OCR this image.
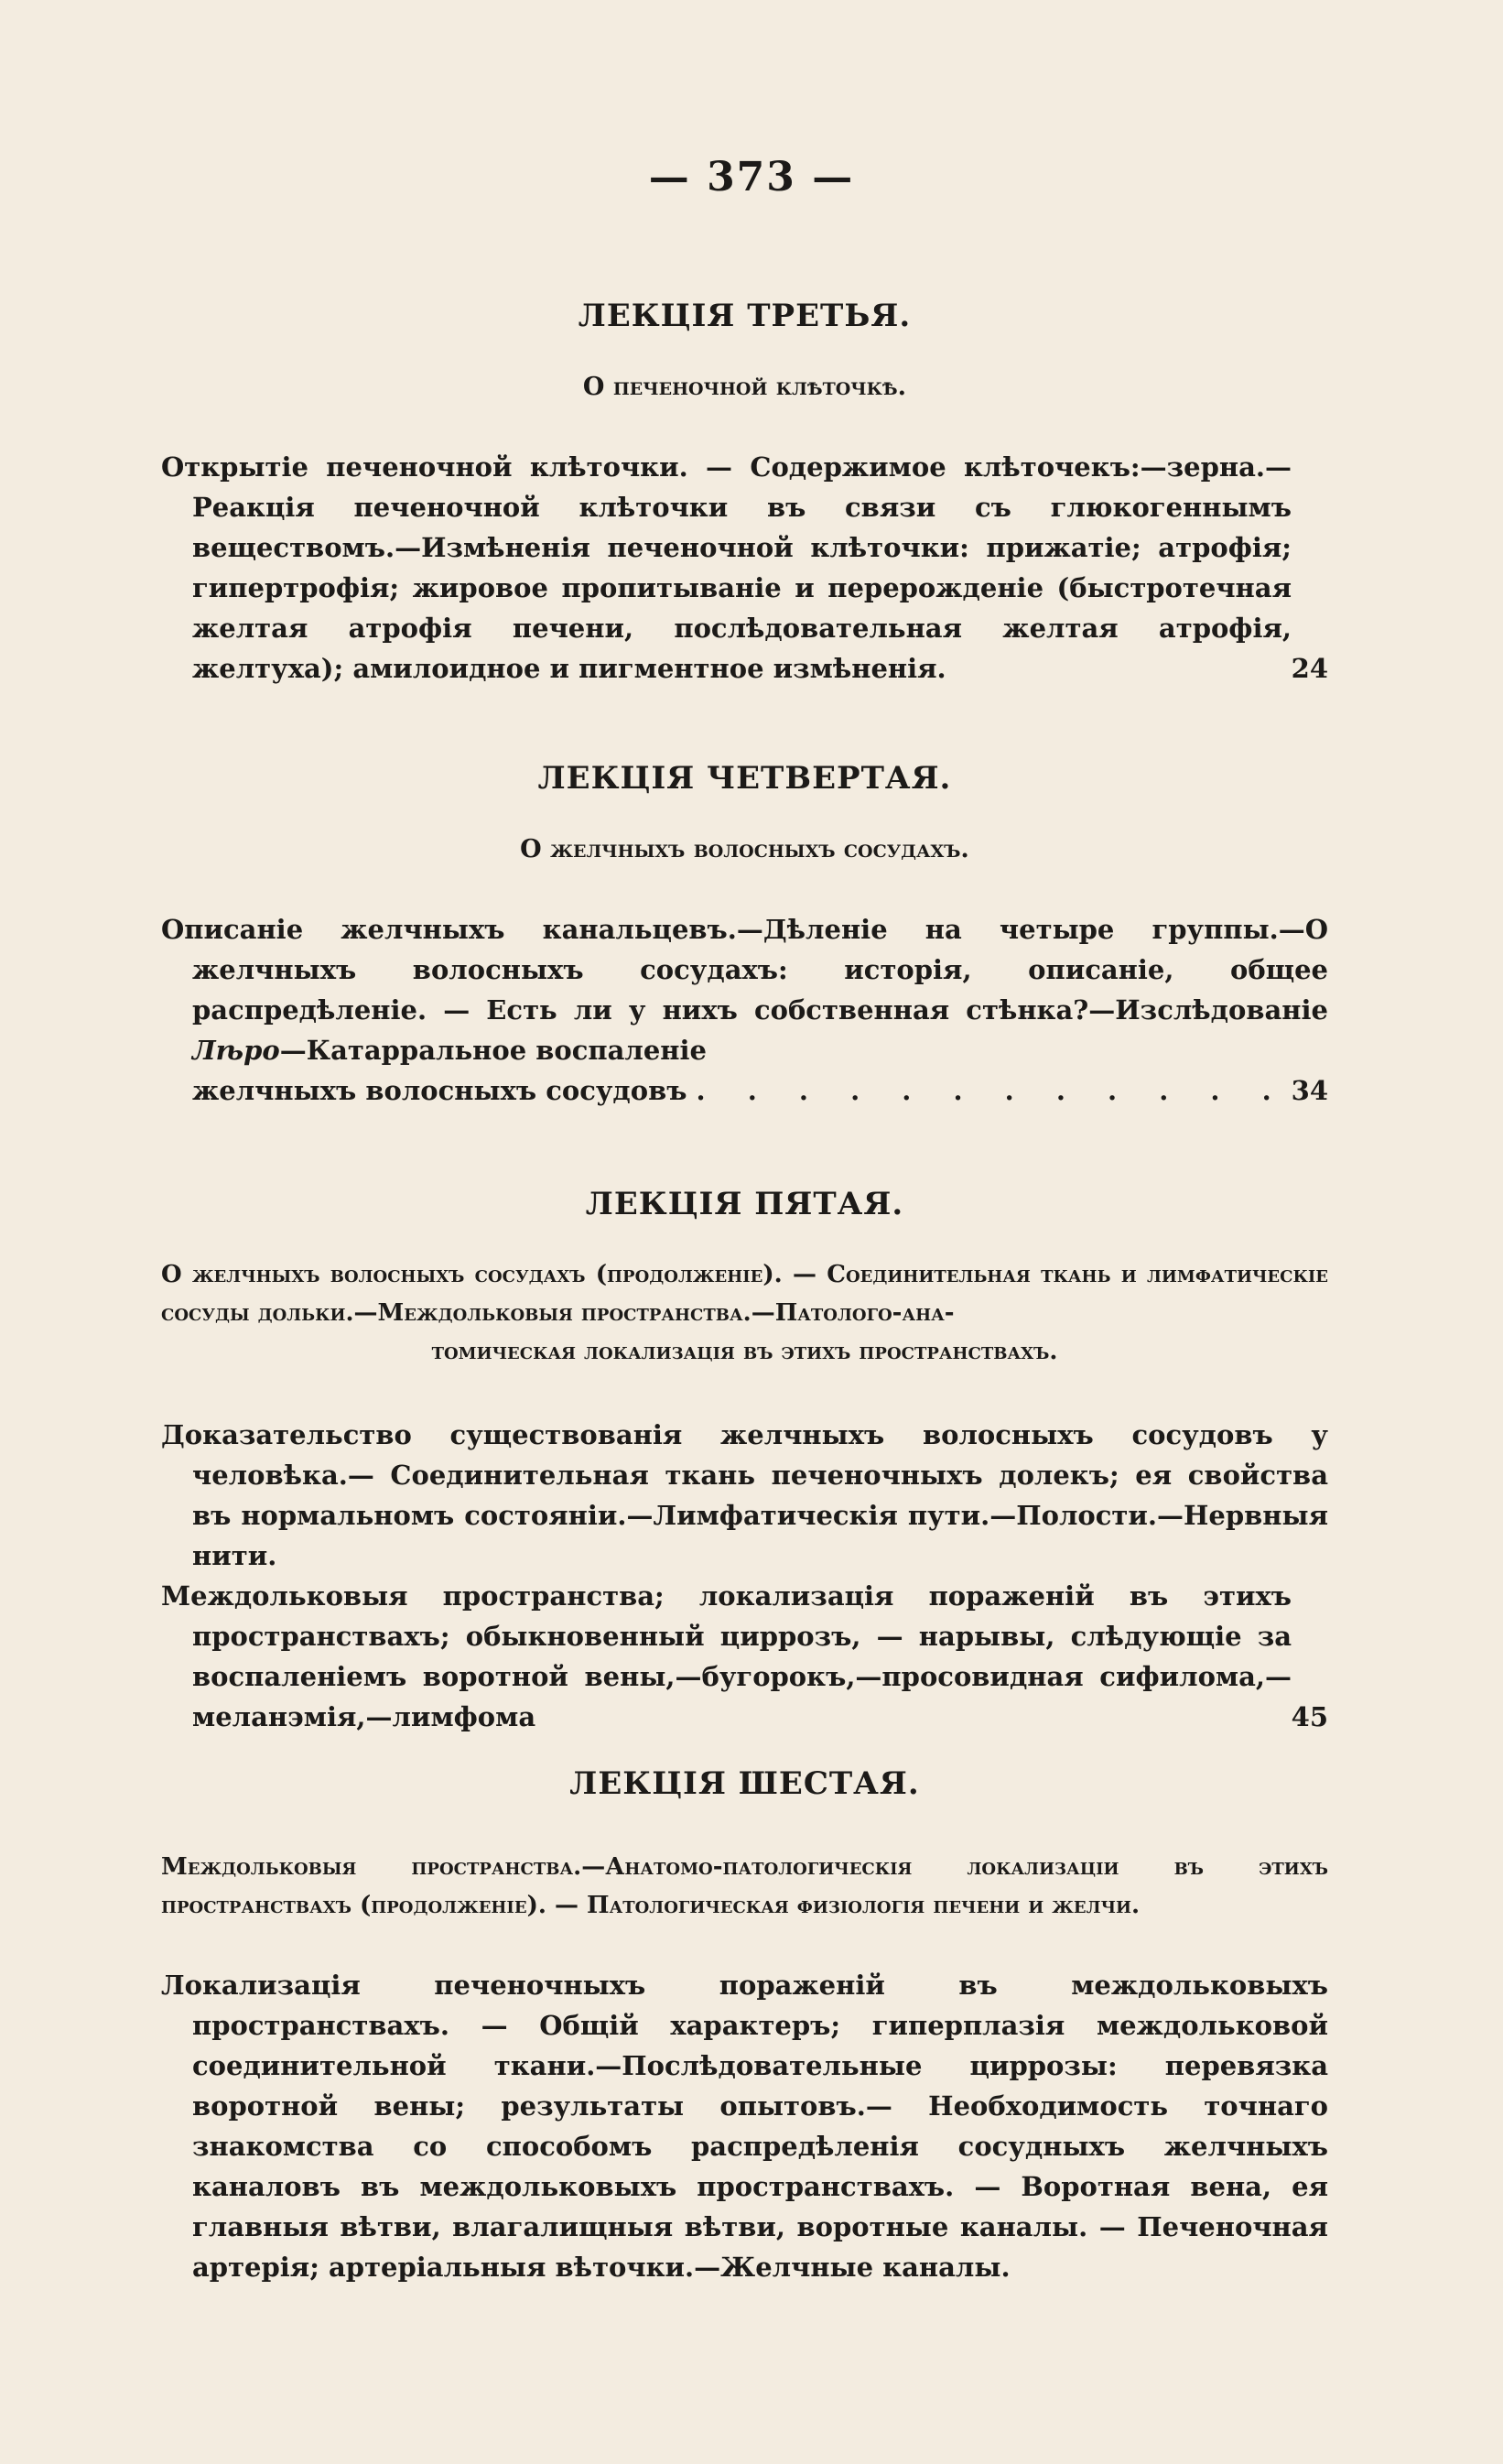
— 373 —
ЛЕКЦІЯ ТРЕТЬЯ.

О печеночной клѣточкѣ.

Открытіе печеночной клѣточки. — Содержимое клѣточекъ:—зерна.—Реакція печеночной клѣточки въ связи съ глюкогеннымъ веществомъ.—Измѣненія печеночной клѣточки: прижатіе; атрофія; гипертрофія; жировое пропитываніе и перерожденіе (быстротечная желтая атрофія печени, послѣдовательная желтая атрофія, желтуха); амилоидное и пигментное измѣненія.	24
ЛЕКЦІЯ ЧЕТВЕРТАЯ.

О желчныхъ волосныхъ сосудахъ.

Описаніе желчныхъ канальцевъ.—Дѣленіе на четыре группы.—О желчныхъ волосныхъ сосудахъ: исторія, описаніе, общее распредѣленіе. — Есть ли у нихъ собственная стѣнка?—Изслѣдованіе Лѣро—Катарральное воспаленіе

желчныхъ волосныхъ сосудовъ . . . . . . . . . . . . 34
ЛЕКЦІЯ ПЯТАЯ.

О желчныхъ волосныхъ сосудахъ (продолженіе). — Соединительная ткань и лимфатическіе сосуды дольки.—Междольковыя пространства.—Патолого-ана-
томическая локализація въ этихъ пространствахъ.

Доказательство существованія желчныхъ волосныхъ сосудовъ у человѣка.— Соединительная ткань печеночныхъ долекъ; ея свойства въ нормальномъ состояніи.—Лимфатическія пути.—Полости.—Нервныя нити.

Междольковыя пространства; локализація пораженій въ этихъ пространствахъ; обыкновенный циррозъ, — нарывы, слѣдующіе за воспаленіемъ воротной вены,—бугорокъ,—просовидная сифилома,—меланэмія,—лимфома	45
ЛЕКЦІЯ ШЕСТАЯ.

Междольковыя пространства.—Анатомо-патологическія локализаціи въ этихъ пространствахъ (продолженіе). — Патологическая физіологія печени и желчи.

Локализація печеночныхъ пораженій въ междольковыхъ пространствахъ. — Общій характеръ; гиперплазія междольковой соединительной ткани.—Послѣдовательные циррозы: перевязка воротной вены; результаты опытовъ.— Необходимость точнаго знакомства со способомъ распредѣленія сосудныхъ желчныхъ каналовъ въ междольковыхъ пространствахъ. — Воротная вена, ея главныя вѣтви, влагалищныя вѣтви, воротные каналы. — Печеночная артерія; артеріальныя вѣточки.—Желчные каналы.
